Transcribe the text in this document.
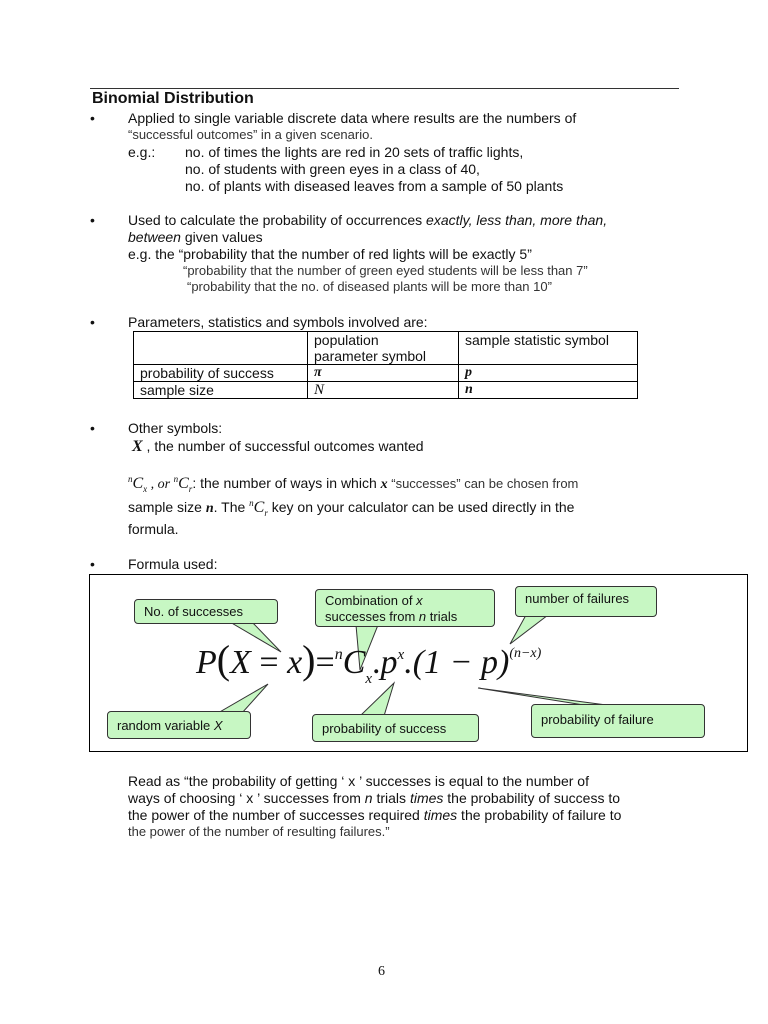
Binomial Distribution
• Applied to single variable discrete data where results are the numbers of
“successful outcomes” in a given scenario.
e.g.: no. of times the lights are red in 20 sets of traffic lights,
no. of students with green eyes in a class of 40,
no. of plants with diseased leaves from a sample of 50 plants
• Used to calculate the probability of occurrences exactly, less than, more than,
between given values
e.g. the “probability that the number of red lights will be exactly 5”
“probability that the number of green eyed students will be less than 7”
“probability that the no. of diseased plants will be more than 10”
• Parameters, statistics and symbols involved are:
	population
parameter symbol	sample statistic symbol
probability of success	π	p
sample size	N	n
• Other symbols:
X , the number of successful outcomes wanted
$^nC_x$ , or $^nC_r$: the number of ways in which x “successes” can be chosen from
sample size n. The $^nC_r$ key on your calculator can be used directly in the
formula.
• Formula used:
No. of successes
Combination of x
successes from n trials
number of failures
random variable X	probability of success
probability of failure
$P(X = x)=^nC_x.p^x.(1 - p)^{(n-x)}$
Read as “the probability of getting ‘ x ’ successes is equal to the number of
ways of choosing ‘ x ’ successes from n trials times the probability of success to
the power of the number of successes required times the probability of failure to
the power of the number of resulting failures.”
6
